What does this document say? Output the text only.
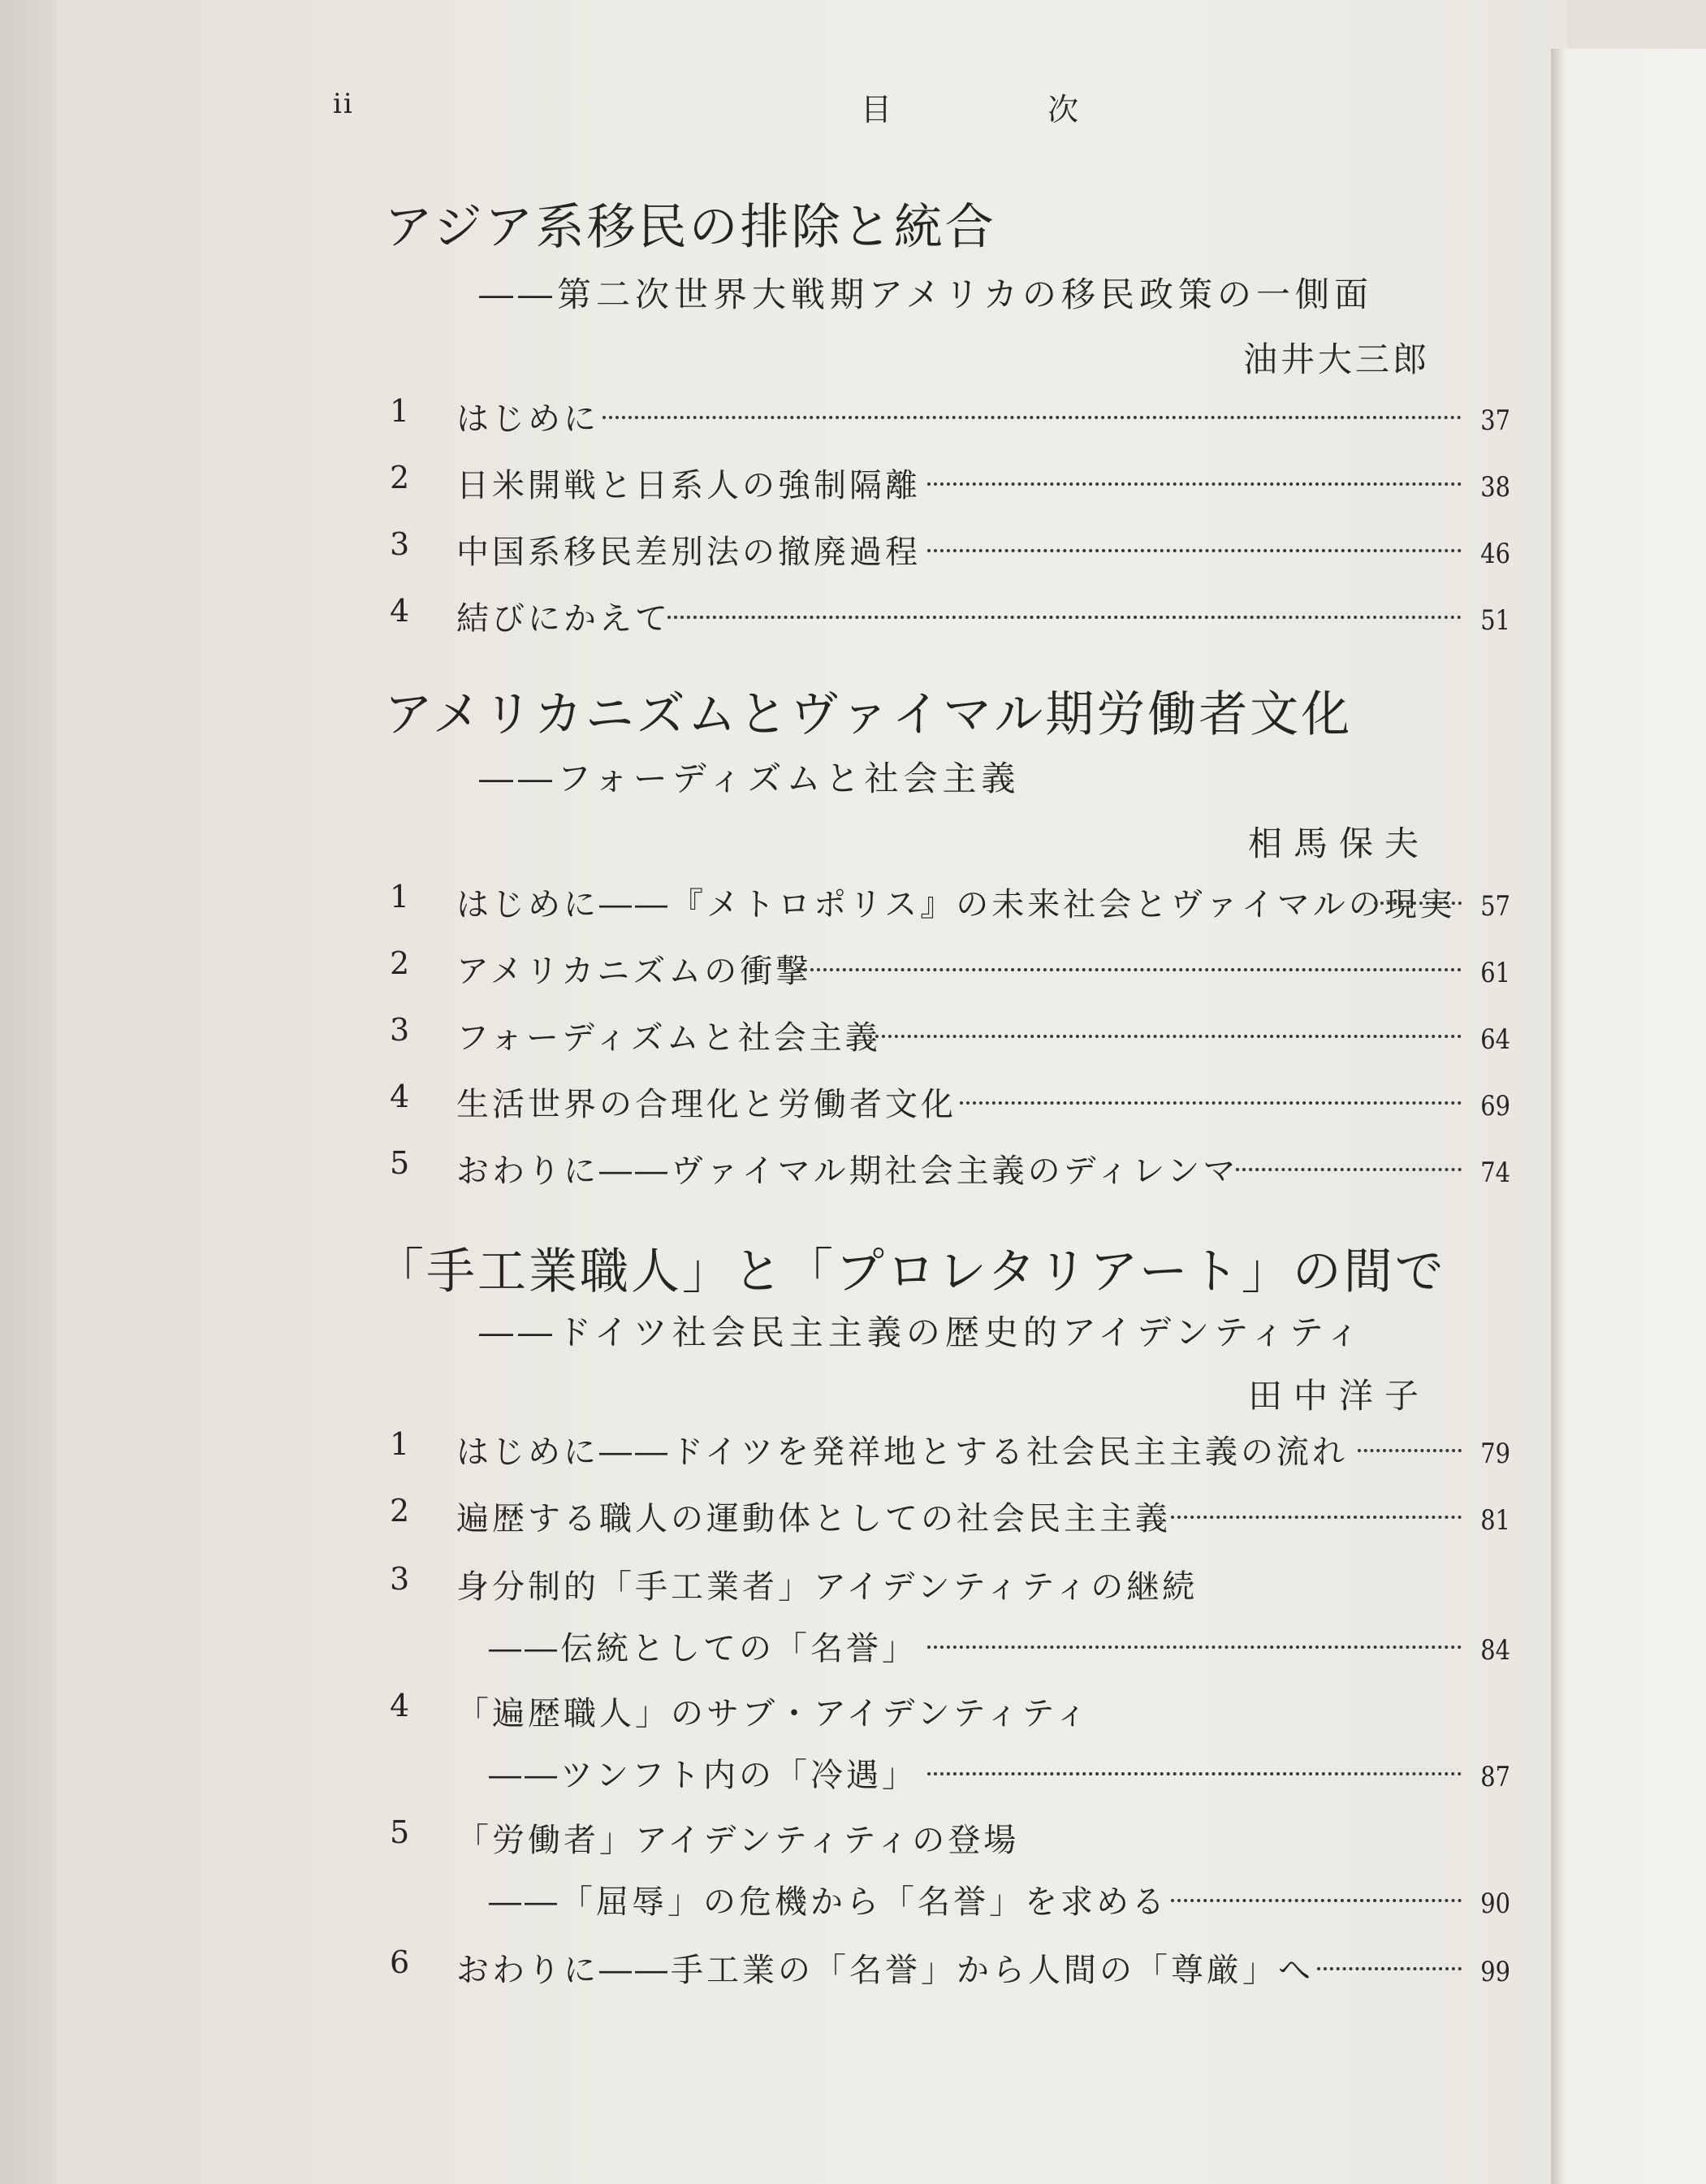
ii	目 次
アジア系移民の排除と統合
――第二次世界大戦期アメリカの移民政策の一側面
油井大三郎
1	はじめに	37
2	日米開戦と日系人の強制隔離	38
3	中国系移民差別法の撤廃過程	46
4	結びにかえて	51
アメリカニズムとヴァイマル期労働者文化
――フォーディズムと社会主義
相馬保夫
1	はじめに――『メトロポリス』の未来社会とヴァイマルの現実 57
2	アメリカニズムの衝撃	61
3	フォーディズムと社会主義	64
4	生活世界の合理化と労働者文化	69
5	おわりに――ヴァイマル期社会主義のディレンマ	74
「手工業職人」と「プロレタリアート」の間で
――ドイツ社会民主主義の歴史的アイデンティティ
田中洋子
1	はじめに――ドイツを発祥地とする社会民主主義の流れ	79
2	遍歴する職人の運動体としての社会民主主義	81
3	身分制的「手工業者」アイデンティティの継続
――伝統としての「名誉」	84
4	「遍歴職人」のサブ・アイデンティティ
――ツンフト内の「冷遇」	87
5	「労働者」アイデンティティの登場
――「屈辱」の危機から「名誉」を求める	90
6	おわりに――手工業の「名誉」から人間の「尊厳」へ	99
